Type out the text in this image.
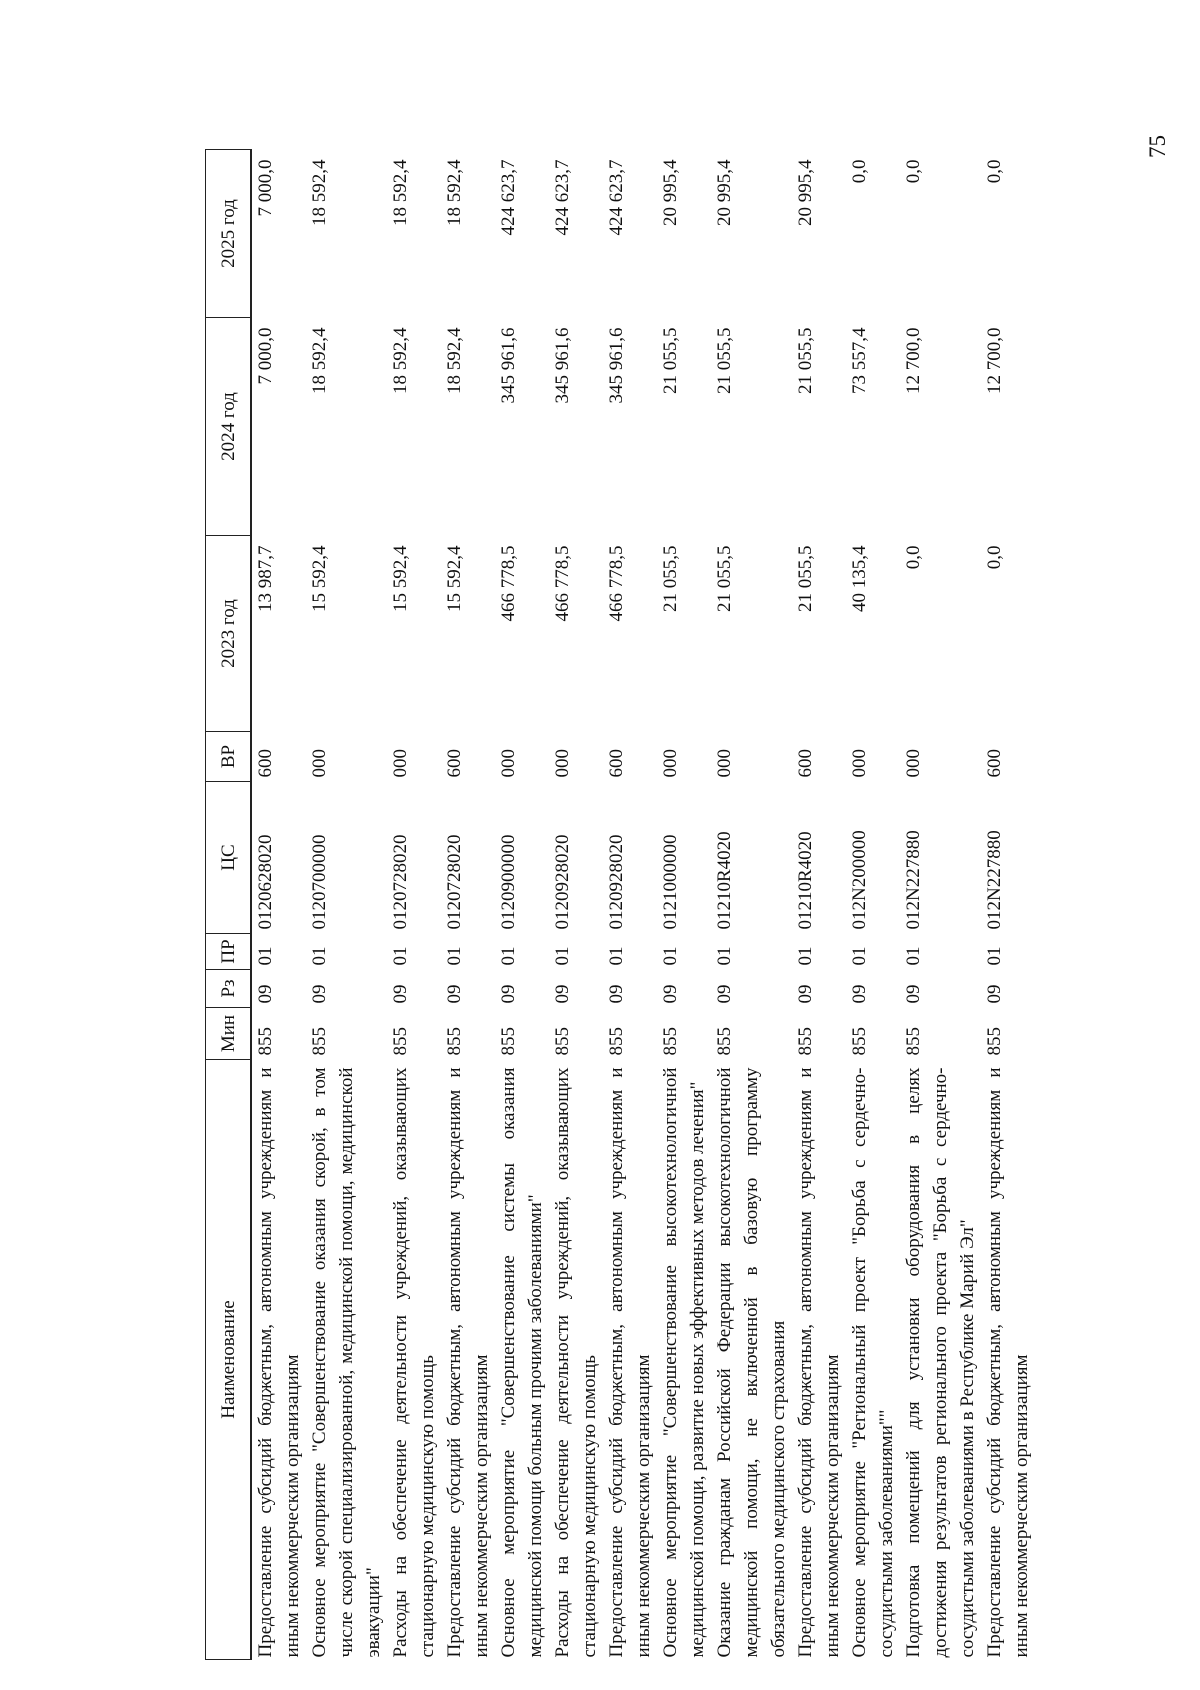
75
Наименование	Мин	Рз	ПР	ЦС	ВР	2023 год	2024 год	2025 год
Предоставление субсидий бюджетным, автономным учреждениям и иным некоммерческим организациям	855	09	01	0120628020	600	13 987,7	7 000,0	7 000,0
Основное мероприятие "Совершенствование оказания скорой, в том числе скорой специализированной, медицинской помощи, медицинской эвакуации"	855	09	01	0120700000	000	15 592,4	18 592,4	18 592,4
Расходы на обеспечение деятельности учреждений, оказывающих стационарную медицинскую помощь	855	09	01	0120728020	000	15 592,4	18 592,4	18 592,4
Предоставление субсидий бюджетным, автономным учреждениям и иным некоммерческим организациям	855	09	01	0120728020	600	15 592,4	18 592,4	18 592,4
Основное мероприятие "Совершенствование системы оказания медицинской помощи больным прочими заболеваниями"	855	09	01	0120900000	000	466 778,5	345 961,6	424 623,7
Расходы на обеспечение деятельности учреждений, оказывающих стационарную медицинскую помощь	855	09	01	0120928020	000	466 778,5	345 961,6	424 623,7
Предоставление субсидий бюджетным, автономным учреждениям и иным некоммерческим организациям	855	09	01	0120928020	600	466 778,5	345 961,6	424 623,7
Основное мероприятие "Совершенствование высокотехнологичной медицинской помощи, развитие новых эффективных методов лечения"	855	09	01	0121000000	000	21 055,5	21 055,5	20 995,4
Оказание гражданам Российской Федерации высокотехнологичной медицинской помощи, не включенной в базовую программу обязательного медицинского страхования	855	09	01	01210R4020	000	21 055,5	21 055,5	20 995,4
Предоставление субсидий бюджетным, автономным учреждениям и иным некоммерческим организациям	855	09	01	01210R4020	600	21 055,5	21 055,5	20 995,4
Основное мероприятие "Региональный проект "Борьба с сердечно-сосудистыми заболеваниями""	855	09	01	012N200000	000	40 135,4	73 557,4	0,0
Подготовка помещений для установки оборудования в целях достижения результатов регионального проекта "Борьба с сердечно-сосудистыми заболеваниями в Республике Марий Эл"	855	09	01	012N227880	000	0,0	12 700,0	0,0
Предоставление субсидий бюджетным, автономным учреждениям и иным некоммерческим организациям	855	09	01	012N227880	600	0,0	12 700,0	0,0
